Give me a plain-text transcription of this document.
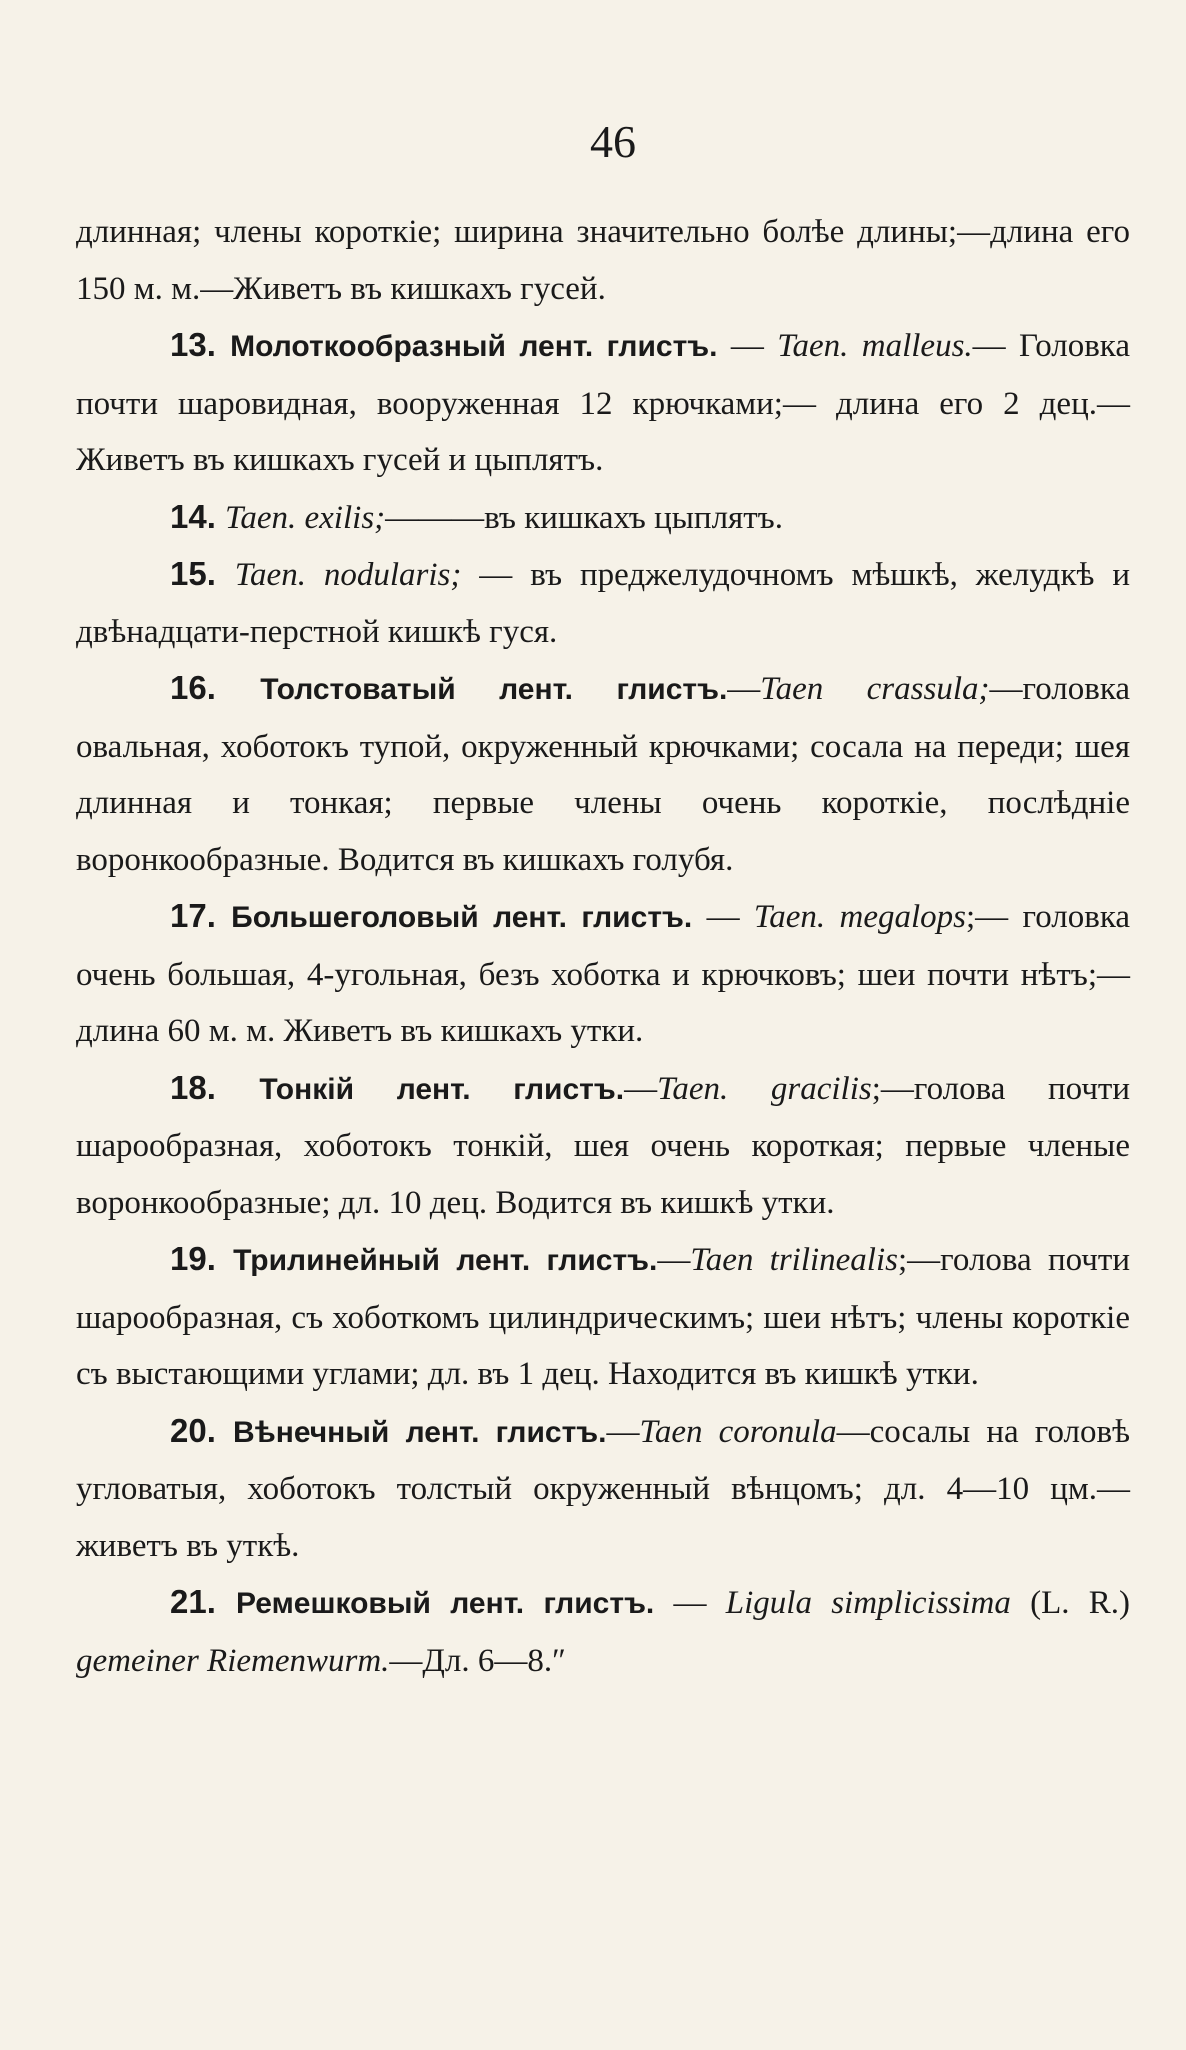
46

длинная; члены короткіе; ширина значительно болѣе длины;—длина его 150 м. м.—Живетъ въ кишкахъ гусей.

13. Молоткообразный лент. глистъ. — Taen. malleus.— Головка почти шаровидная, вооруженная 12 крючками;— длина его 2 дец.—Живетъ въ кишкахъ гусей и цыплятъ.

14. Taen. exilis;———въ кишкахъ цыплятъ.

15. Taen. nodularis; — въ преджелудочномъ мѣшкѣ, желудкѣ и двѣнадцати-перстной кишкѣ гуся.

16. Толстоватый лент. глистъ.—Taen crassula;—головка овальная, хоботокъ тупой, окруженный крючками; сосала на переди; шея длинная и тонкая; первые члены очень короткіе, послѣдніе воронкообразные. Водится въ кишкахъ голубя.

17. Большеголовый лент. глистъ. — Taen. megalops;— головка очень большая, 4-угольная, безъ хоботка и крючковъ; шеи почти нѣтъ;—длина 60 м. м. Живетъ въ кишкахъ утки.

18. Тонкій лент. глистъ.—Taen. gracilis;—голова почти шарообразная, хоботокъ тонкій, шея очень короткая; первые членые воронкообразные; дл. 10 дец. Водится въ кишкѣ утки.

19. Трилинейный лент. глистъ.—Taen trilinealis;—голова почти шарообразная, съ хоботкомъ цилиндрическимъ; шеи нѣтъ; члены короткіе съ выстающими углами; дл. въ 1 дец. Находится въ кишкѣ утки.

20. Вѣнечный лент. глистъ.—Taen coronula—сосалы на головѣ угловатыя, хоботокъ толстый окруженный вѣнцомъ; дл. 4—10 цм.—живетъ въ уткѣ.

21. Ремешковый лент. глистъ. — Ligula simplicissima (L. R.) gemeiner Riemenwurm.—Дл. 6—8.″
